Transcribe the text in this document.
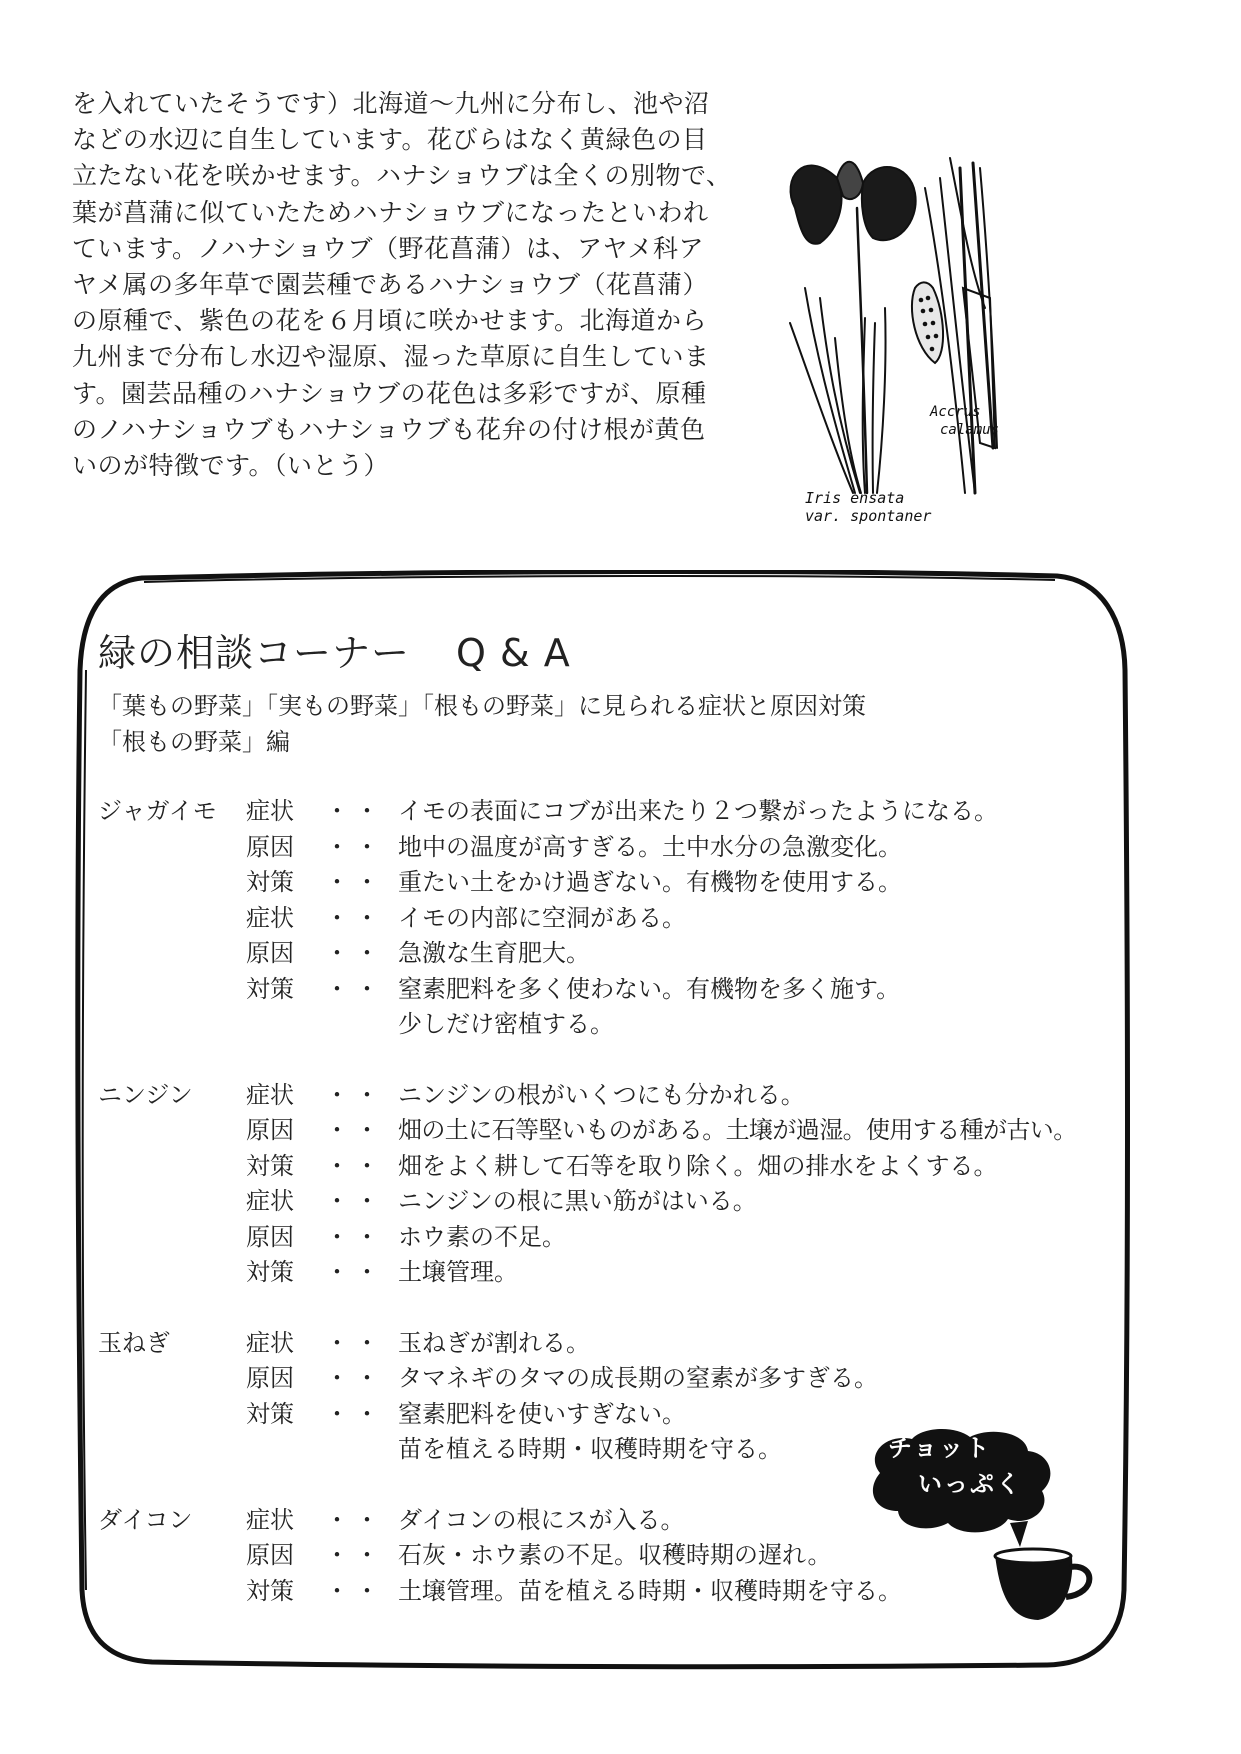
を入れていたそうです）北海道〜九州に分布し、池や沼
などの水辺に自生しています。花びらはなく黄緑色の目
立たない花を咲かせます。ハナショウブは全くの別物で、
葉が菖蒲に似ていたためハナショウブになったといわれ
ています。ノハナショウブ（野花菖蒲）は、アヤメ科ア
ヤメ属の多年草で園芸種であるハナショウブ（花菖蒲）
の原種で、紫色の花を６月頃に咲かせます。北海道から
九州まで分布し水辺や湿原、湿った草原に自生していま
す。園芸品種のハナショウブの花色は多彩ですが、原種
のノハナショウブもハナショウブも花弁の付け根が黄色
いのが特徴です。（いとう）
Accrus
calamus
Iris ensata
var. spontaner
緑の相談コーナー Q & A
「葉もの野菜」「実もの野菜」「根もの野菜」に見られる症状と原因対策
「根もの野菜」編
ジャガイモ 症状 ・・ イモの表面にコブが出来たり２つ繋がったようになる。
原因 ・・ 地中の温度が高すぎる。土中水分の急激変化。
対策 ・・ 重たい土をかけ過ぎない。有機物を使用する。
症状 ・・ イモの内部に空洞がある。
原因 ・・ 急激な生育肥大。
対策 ・・ 窒素肥料を多く使わない。有機物を多く施す。
少しだけ密植する。
ニンジン 症状 ・・ ニンジンの根がいくつにも分かれる。
原因 ・・ 畑の土に石等堅いものがある。土壌が過湿。使用する種が古い。
対策 ・・ 畑をよく耕して石等を取り除く。畑の排水をよくする。
症状 ・・ ニンジンの根に黒い筋がはいる。
原因 ・・ ホウ素の不足。
対策 ・・ 土壌管理。
玉ねぎ	症状 ・・ 玉ねぎが割れる。
原因 ・・ タマネギのタマの成長期の窒素が多すぎる。
対策 ・・ 窒素肥料を使いすぎない。
苗を植える時期・収穫時期を守る。
ダイコン 症状 ・・ ダイコンの根にスが入る。
原因 ・・ 石灰・ホウ素の不足。収穫時期の遅れ。
対策 ・・ 土壌管理。苗を植える時期・収穫時期を守る。
チョット
いっぷく
